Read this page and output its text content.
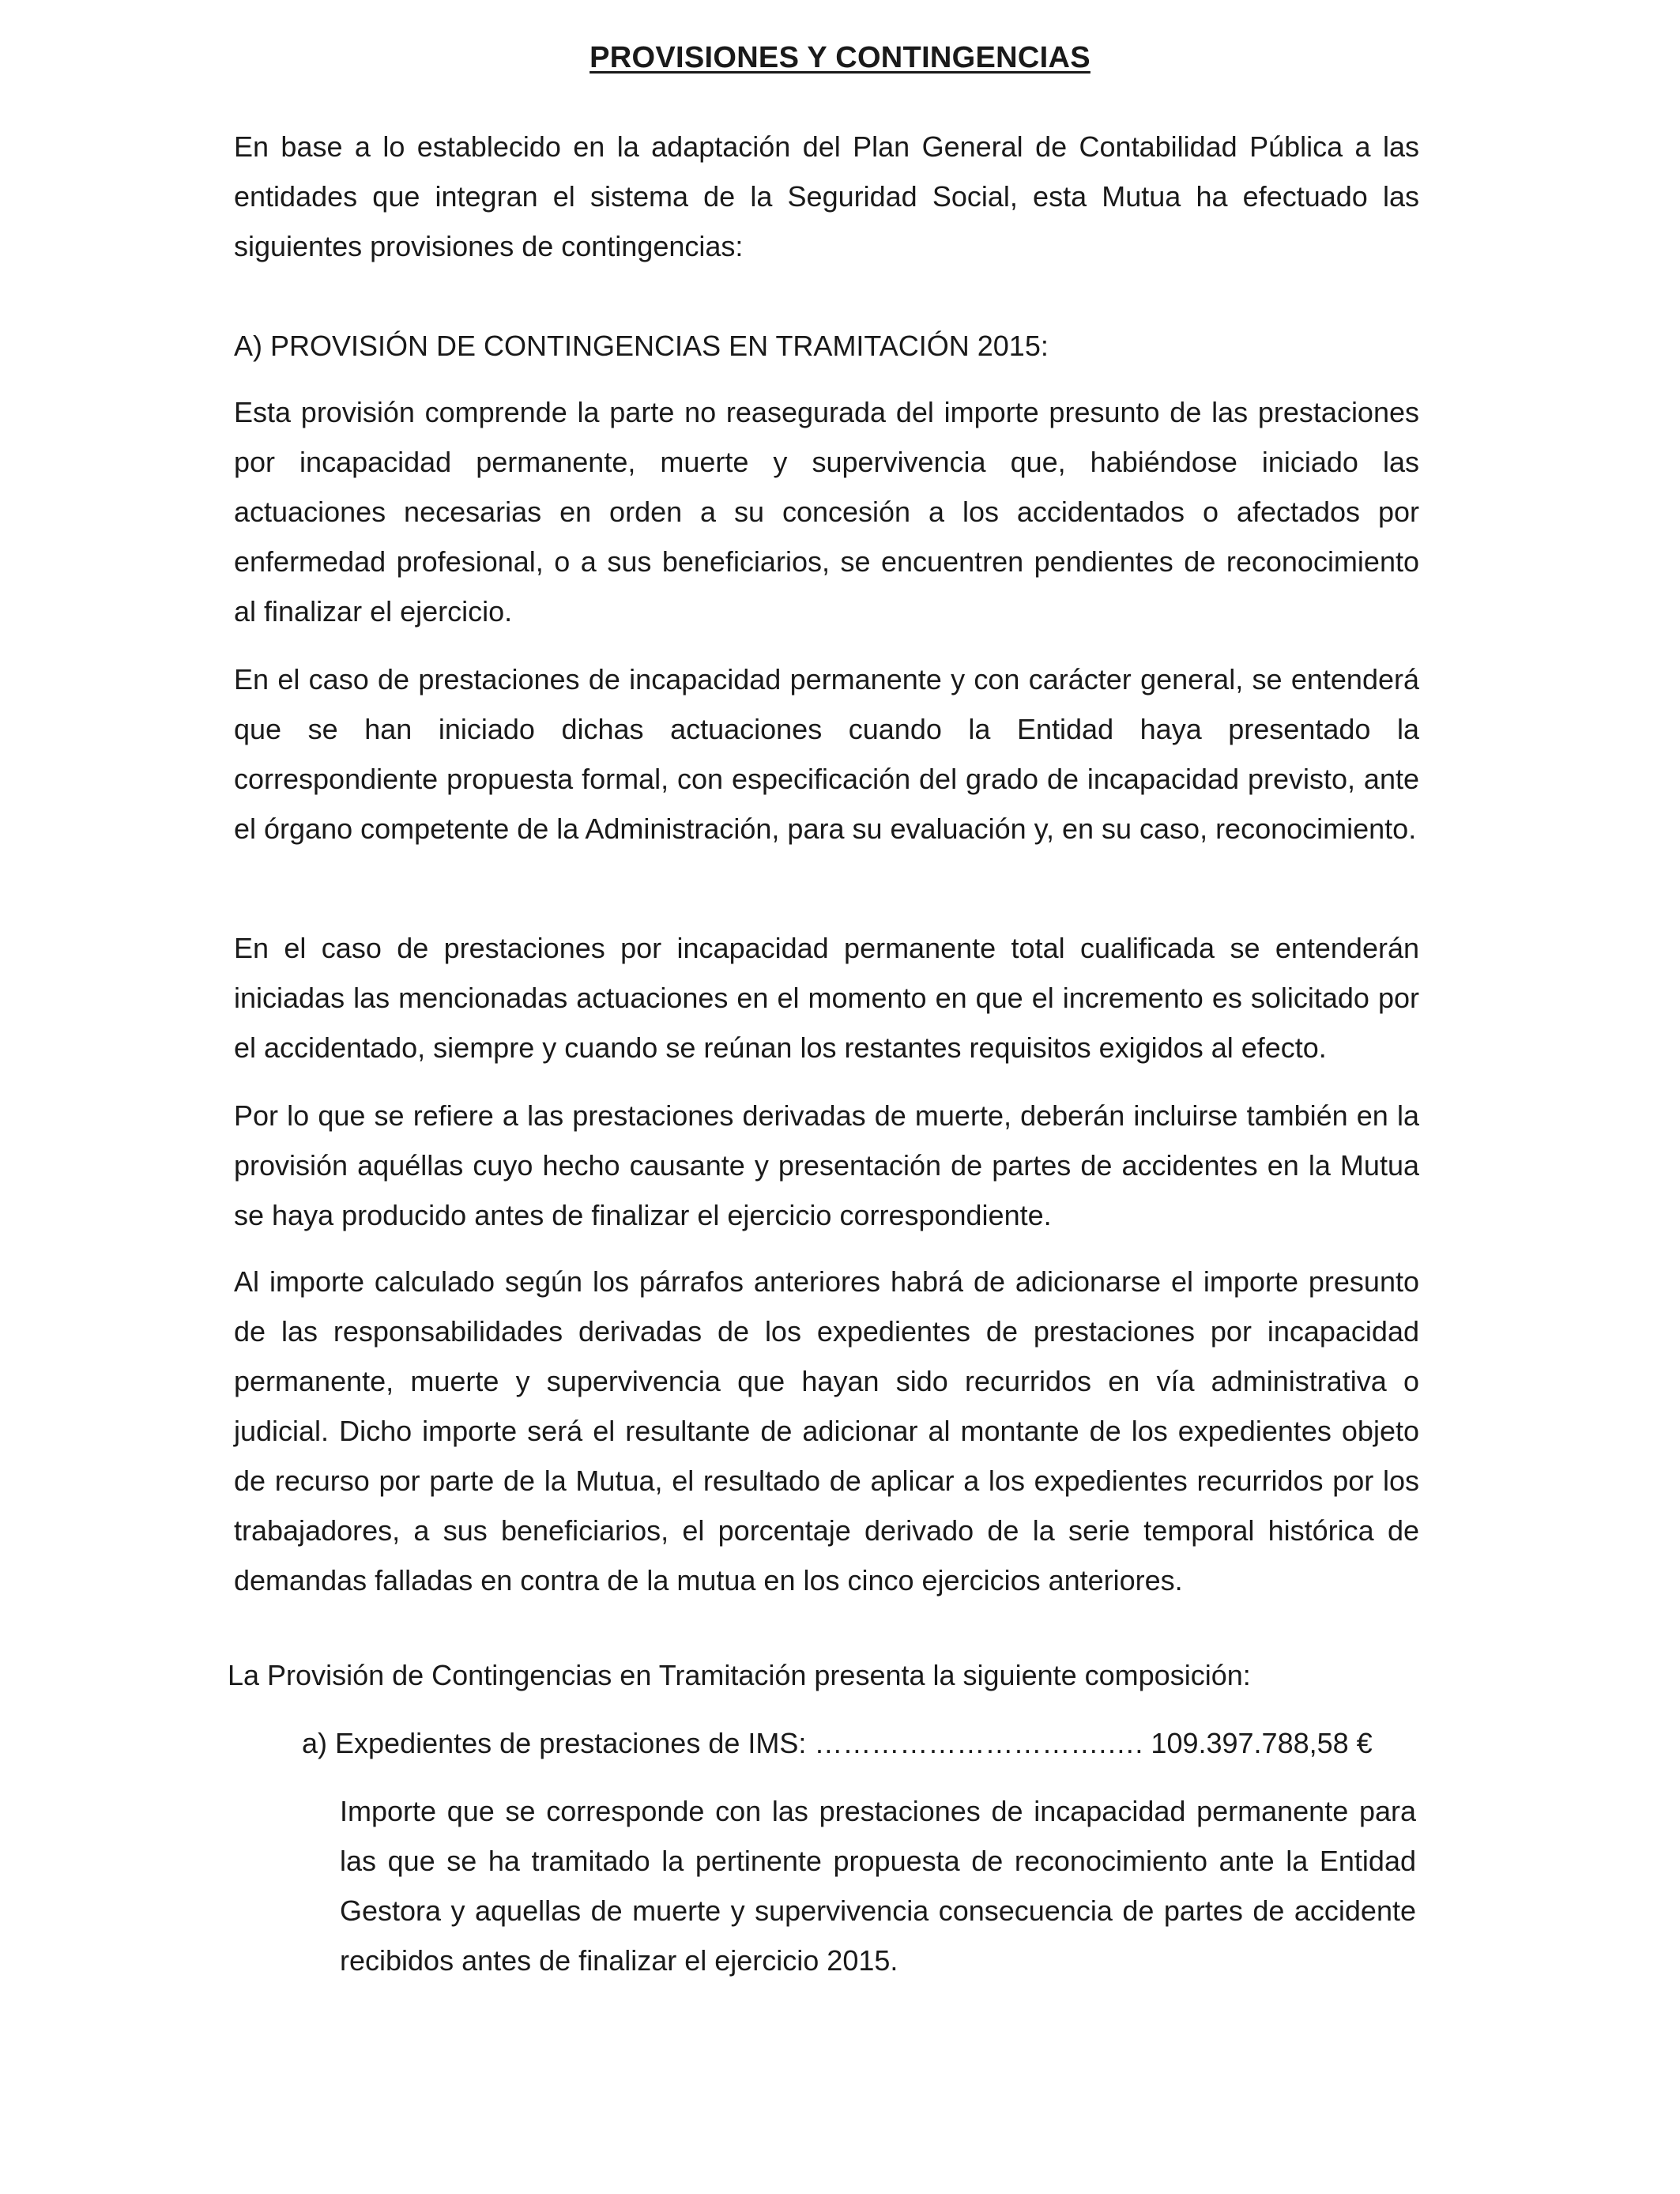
PROVISIONES Y CONTINGENCIAS

En base a lo establecido en la adaptación del Plan General de Contabilidad Pública a las entidades que integran el sistema de la Seguridad Social, esta Mutua ha efectuado las siguientes provisiones de contingencias:

A) PROVISIÓN DE CONTINGENCIAS EN TRAMITACIÓN 2015:

Esta provisión comprende la parte no reasegurada del importe presunto de las prestaciones por incapacidad permanente, muerte y supervivencia que, habiéndose iniciado las actuaciones necesarias en orden a su concesión a los accidentados o afectados por enfermedad profesional, o a sus beneficiarios, se encuentren pendientes de reconocimiento al finalizar el ejercicio.

En el caso de prestaciones de incapacidad permanente y con carácter general, se entenderá que se han iniciado dichas actuaciones cuando la Entidad haya presentado la correspondiente propuesta formal, con especificación del grado de incapacidad previsto, ante el órgano competente de la Administración, para su evaluación y, en su caso, reconocimiento.

En el caso de prestaciones por incapacidad permanente total cualificada se entenderán iniciadas las mencionadas actuaciones en el momento en que el incremento es solicitado por el accidentado, siempre y cuando se reúnan los restantes requisitos exigidos al efecto.

Por lo que se refiere a las prestaciones derivadas de muerte, deberán incluirse también en la provisión aquéllas cuyo hecho causante y presentación de partes de accidentes en la Mutua se haya producido antes de finalizar el ejercicio correspondiente.

Al importe calculado según los párrafos anteriores habrá de adicionarse el importe presunto de las responsabilidades derivadas de los expedientes de prestaciones por incapacidad permanente, muerte y supervivencia que hayan sido recurridos en vía administrativa o judicial. Dicho importe será el resultante de adicionar al montante de los expedientes objeto de recurso por parte de la Mutua, el resultado de aplicar a los expedientes recurridos por los trabajadores, a sus beneficiarios, el porcentaje derivado de la serie temporal histórica de demandas falladas en contra de la mutua en los cinco ejercicios anteriores.

La Provisión de Contingencias en Tramitación presenta la siguiente composición:

a) Expedientes de prestaciones de IMS: ………………………….…. 109.397.788,58 €

Importe que se corresponde con las prestaciones de incapacidad permanente para las que se ha tramitado la pertinente propuesta de reconocimiento ante la Entidad Gestora y aquellas de muerte y supervivencia consecuencia de partes de accidente recibidos antes de finalizar el ejercicio 2015.
